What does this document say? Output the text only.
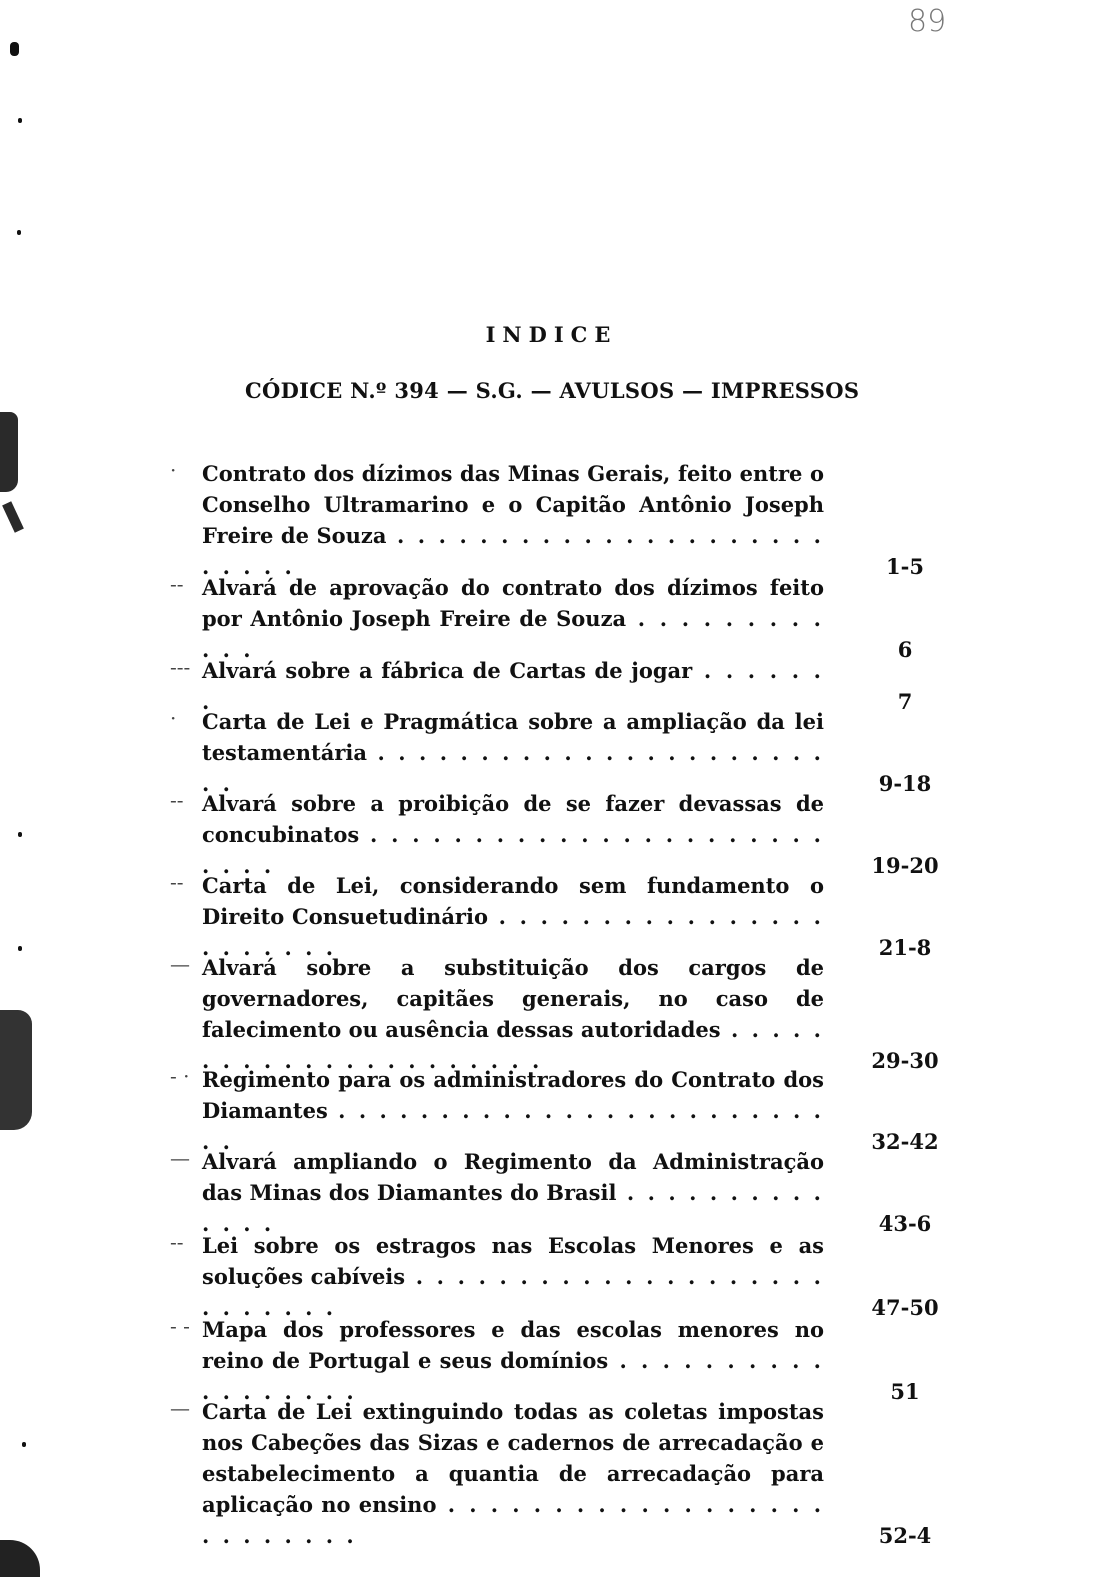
89
INDICE
CÓDICE N.º 394 — S.G. — AVULSOS — IMPRESSOS
· Contrato dos dízimos das Minas Gerais, feito entre o Conselho Ultramarino e o Capitão Antônio Joseph Freire de Souza . . . . . . . . . . . . . . . . . . . . . . . . . .	1-5
-- Alvará de aprovação do contrato dos dízimos feito por Antônio Joseph Freire de Souza . . . . . . . . . . . .	6
--- Alvará sobre a fábrica de Cartas de jogar . . . . . . .	7
· Carta de Lei e Pragmática sobre a ampliação da lei testamentária . . . . . . . . . . . . . . . . . . . . . . . .	9-18
-- Alvará sobre a proibição de se fazer devassas de concubinatos . . . . . . . . . . . . . . . . . . . . . . . . . .	19-20
-- Carta de Lei, considerando sem fundamento o Direito Consuetudinário . . . . . . . . . . . . . . . . . . . . . . .	21-8
— Alvará sobre a substituição dos cargos de governadores, capitães generais, no caso de falecimento ou ausência dessas autoridades . . . . . . . . . . . . . . . . . . . . . .	29-30
- · Regimento para os administradores do Contrato dos Diamantes . . . . . . . . . . . . . . . . . . . . . . . . . .	32-42
— Alvará ampliando o Regimento da Administração das Minas dos Diamantes do Brasil . . . . . . . . . . . . . .	43-6
-- Lei sobre os estragos nas Escolas Menores e as soluções cabíveis . . . . . . . . . . . . . . . . . . . . . . . . . . .	47-50
- - Mapa dos professores e das escolas menores no reino de Portugal e seus domínios . . . . . . . . . . . . . . . . . .	51
— Carta de Lei extinguindo todas as coletas impostas nos Cabeções das Sizas e cadernos de arrecadação e estabelecimento a quantia de arrecadação para aplicação no ensino . . . . . . . . . . . . . . . . . . . . . . . . . .	52-4
